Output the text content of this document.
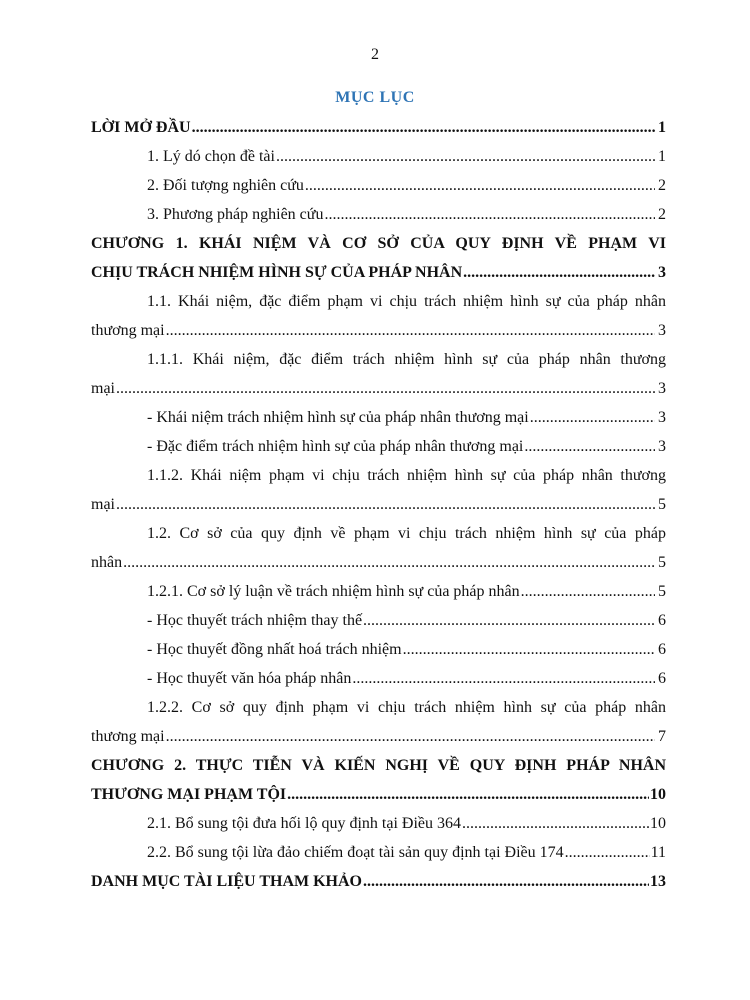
2
MỤC LỤC
LỜI MỞ ĐẦU .....	1
1. Lý dó chọn đề tài .....	1
2. Đối tượng nghiên cứu .....	2
3. Phương pháp nghiên cứu .....	2
CHƯƠNG 1. KHÁI NIỆM VÀ CƠ SỞ CỦA QUY ĐỊNH VỀ PHẠM VI
CHỊU TRÁCH NHIỆM HÌNH SỰ CỦA PHÁP NHÂN .....	3
1.1. Khái niệm, đặc điểm phạm vi chịu trách nhiệm hình sự của pháp nhân
thương mại .....	3
1.1.1. Khái niệm, đặc điểm trách nhiệm hình sự của pháp nhân thương
mại .....	3
- Khái niệm trách nhiệm hình sự của pháp nhân thương mại .....	3
- Đặc điểm trách nhiệm hình sự của pháp nhân thương mại .....	3
1.1.2. Khái niệm phạm vi chịu trách nhiệm hình sự của pháp nhân thương
mại .....	5
1.2. Cơ sở của quy định về phạm vi chịu trách nhiệm hình sự của pháp
nhân .....	5
1.2.1. Cơ sở lý luận về trách nhiệm hình sự của pháp nhân .....	5
- Học thuyết trách nhiệm thay thế .....	6
- Học thuyết đồng nhất hoá trách nhiệm .....	6
- Học thuyết văn hóa pháp nhân .....	6
1.2.2. Cơ sở quy định phạm vi chịu trách nhiệm hình sự của pháp nhân
thương mại .....	7
CHƯƠNG 2. THỰC TIỄN VÀ KIẾN NGHỊ VỀ QUY ĐỊNH PHÁP NHÂN
THƯƠNG MẠI PHẠM TỘI .....	10
2.1. Bổ sung tội đưa hối lộ quy định tại Điều 364 .....	10
2.2. Bổ sung tội lừa đảo chiếm đoạt tài sản quy định tại Điều 174 .....	11
DANH MỤC TÀI LIỆU THAM KHẢO .....	13
